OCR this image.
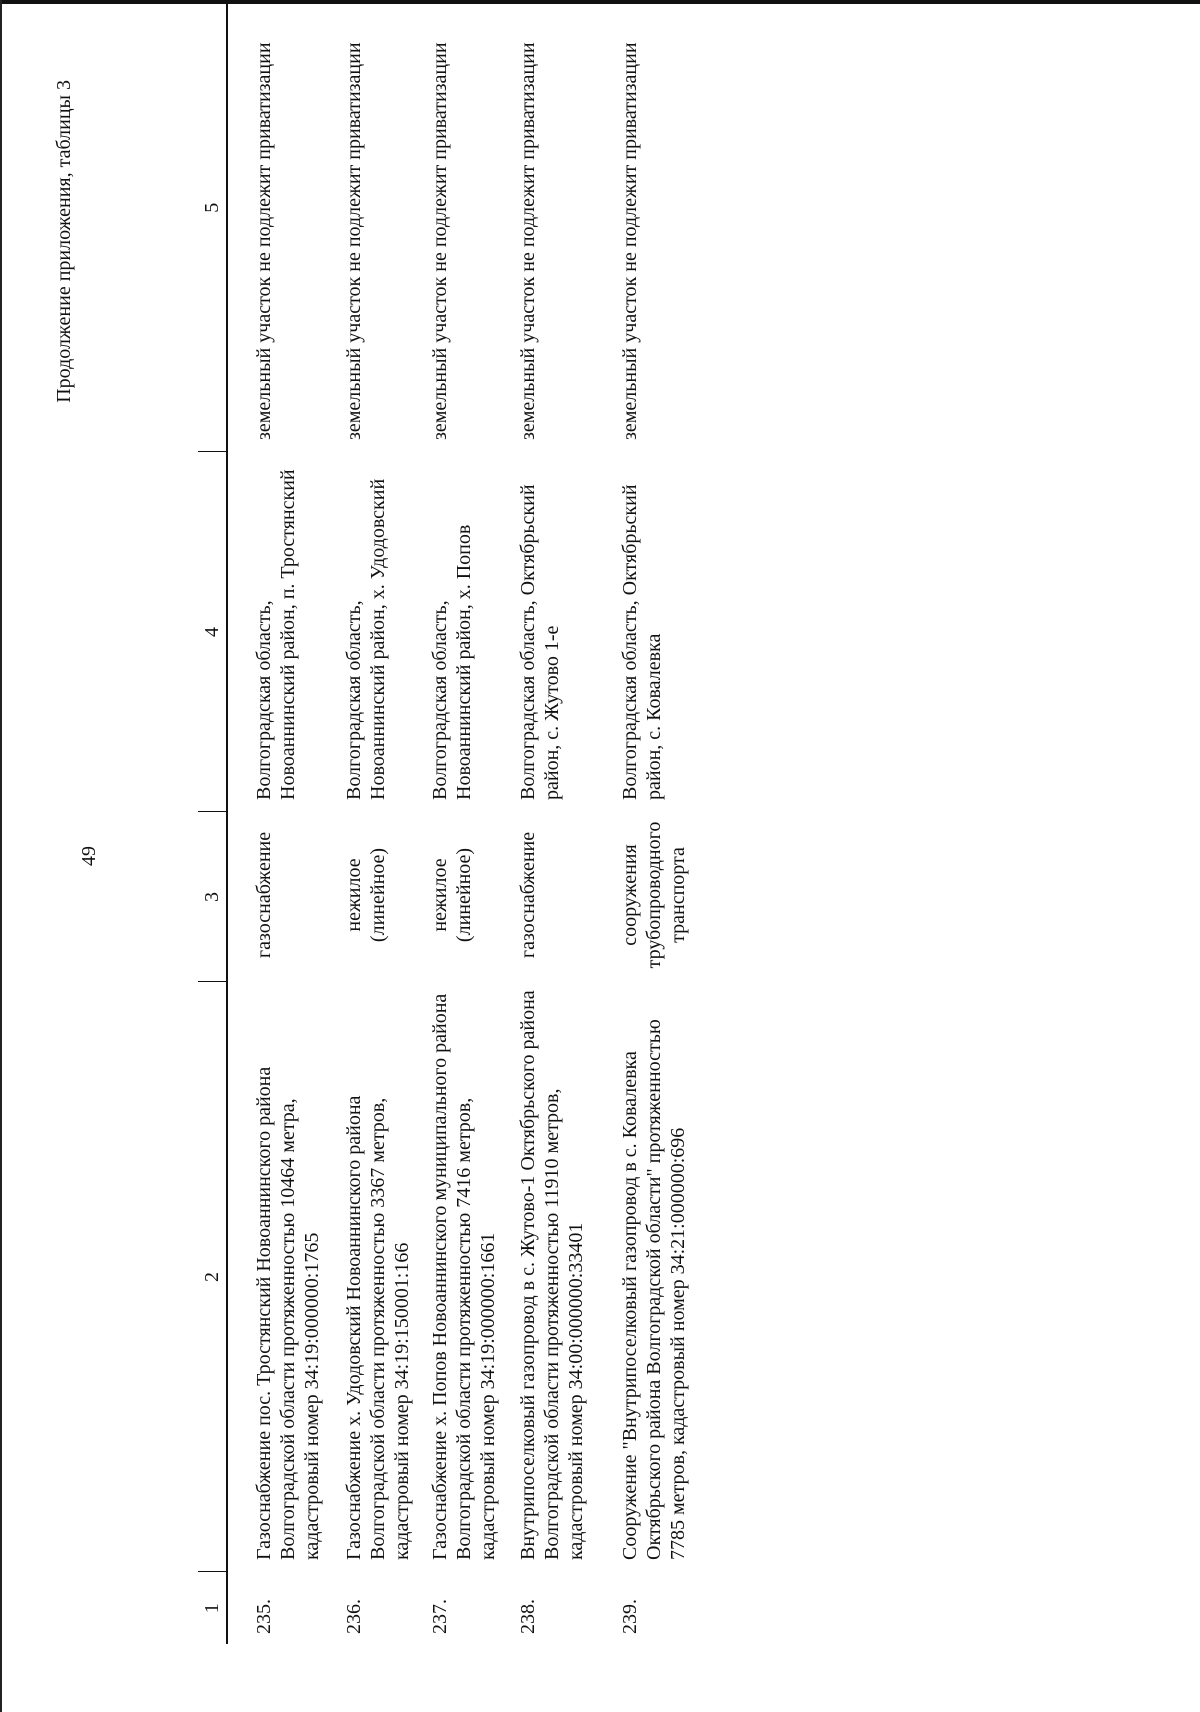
49
Продолжение приложения, таблицы 3
1	2	3	4	5
235.	Газоснабжение пос. Тростянский Новоаннинского района Волгоградской области протяженностью 10464 метра, кадастровый номер 34:19:000000:1765	газоснабжение	Волгоградская область, Новоаннинский район, п. Тростянский	земельный участок не подлежит приватизации
236.	Газоснабжение х. Удодовский Новоаннинского района Волгоградской области протяженностью 3367 метров, кадастровый номер 34:19:150001:166	нежилое (линейное)	Волгоградская область, Новоаннинский район, х. Удодовский	земельный участок не подлежит приватизации
237.	Газоснабжение х. Попов Новоаннинского муниципального района Волгоградской области протяженностью 7416 метров, кадастровый номер 34:19:000000:1661	нежилое (линейное)	Волгоградская область, Новоаннинский район, х. Попов	земельный участок не подлежит приватизации
238.	Внутрипоселковый газопровод в с. Жутово-1 Октябрьского района Волгоградской области протяженностью 11910 метров, кадастровый номер 34:00:000000:33401	газоснабжение	Волгоградская область, Октябрьский район, с. Жутово 1-е	земельный участок не подлежит приватизации
239.	Сооружение "Внутрипоселковый газопровод в с. Ковалевка Октябрьского района Волгоградской области" протяженностью 7785 метров, кадастровый номер 34:21:000000:696	сооружения трубопроводного транспорта	Волгоградская область, Октябрьский район, с. Ковалевка	земельный участок не подлежит приватизации
